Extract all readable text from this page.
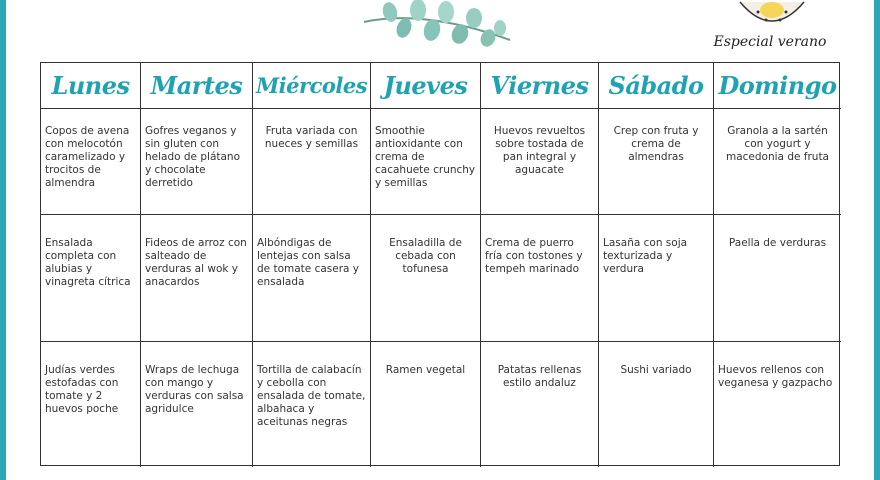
Especial verano
Lunes Martes Miércoles Jueves Viernes Sábado Domingo
Copos de avena con melocotón caramelizado y trocitos de almendra
Gofres veganos y sin gluten con helado de plátano y chocolate derretido
Fruta variada con nueces y semillas
Smoothie antioxidante con crema de cacahuete crunchy y semillas
Huevos revueltos sobre tostada de pan integral y aguacate
Crep con fruta y crema de almendras
Granola a la sartén con yogurt y macedonia de fruta
Ensalada completa con alubias y vinagreta cítrica
Fideos de arroz con salteado de verduras al wok y anacardos
Albóndigas de lentejas con salsa de tomate casera y ensalada
Ensaladilla de cebada con tofunesa
Crema de puerro fría con tostones y tempeh marinado
Lasaña con soja texturizada y verdura
Paella de verduras
Judías verdes estofadas con tomate y 2 huevos poche
Wraps de lechuga con mango y verduras con salsa agridulce
Tortilla de calabacín y cebolla con ensalada de tomate, albahaca y aceitunas negras
Ramen vegetal	Patatas rellenas estilo andaluz
Sushi variado	Huevos rellenos con veganesa y gazpacho
